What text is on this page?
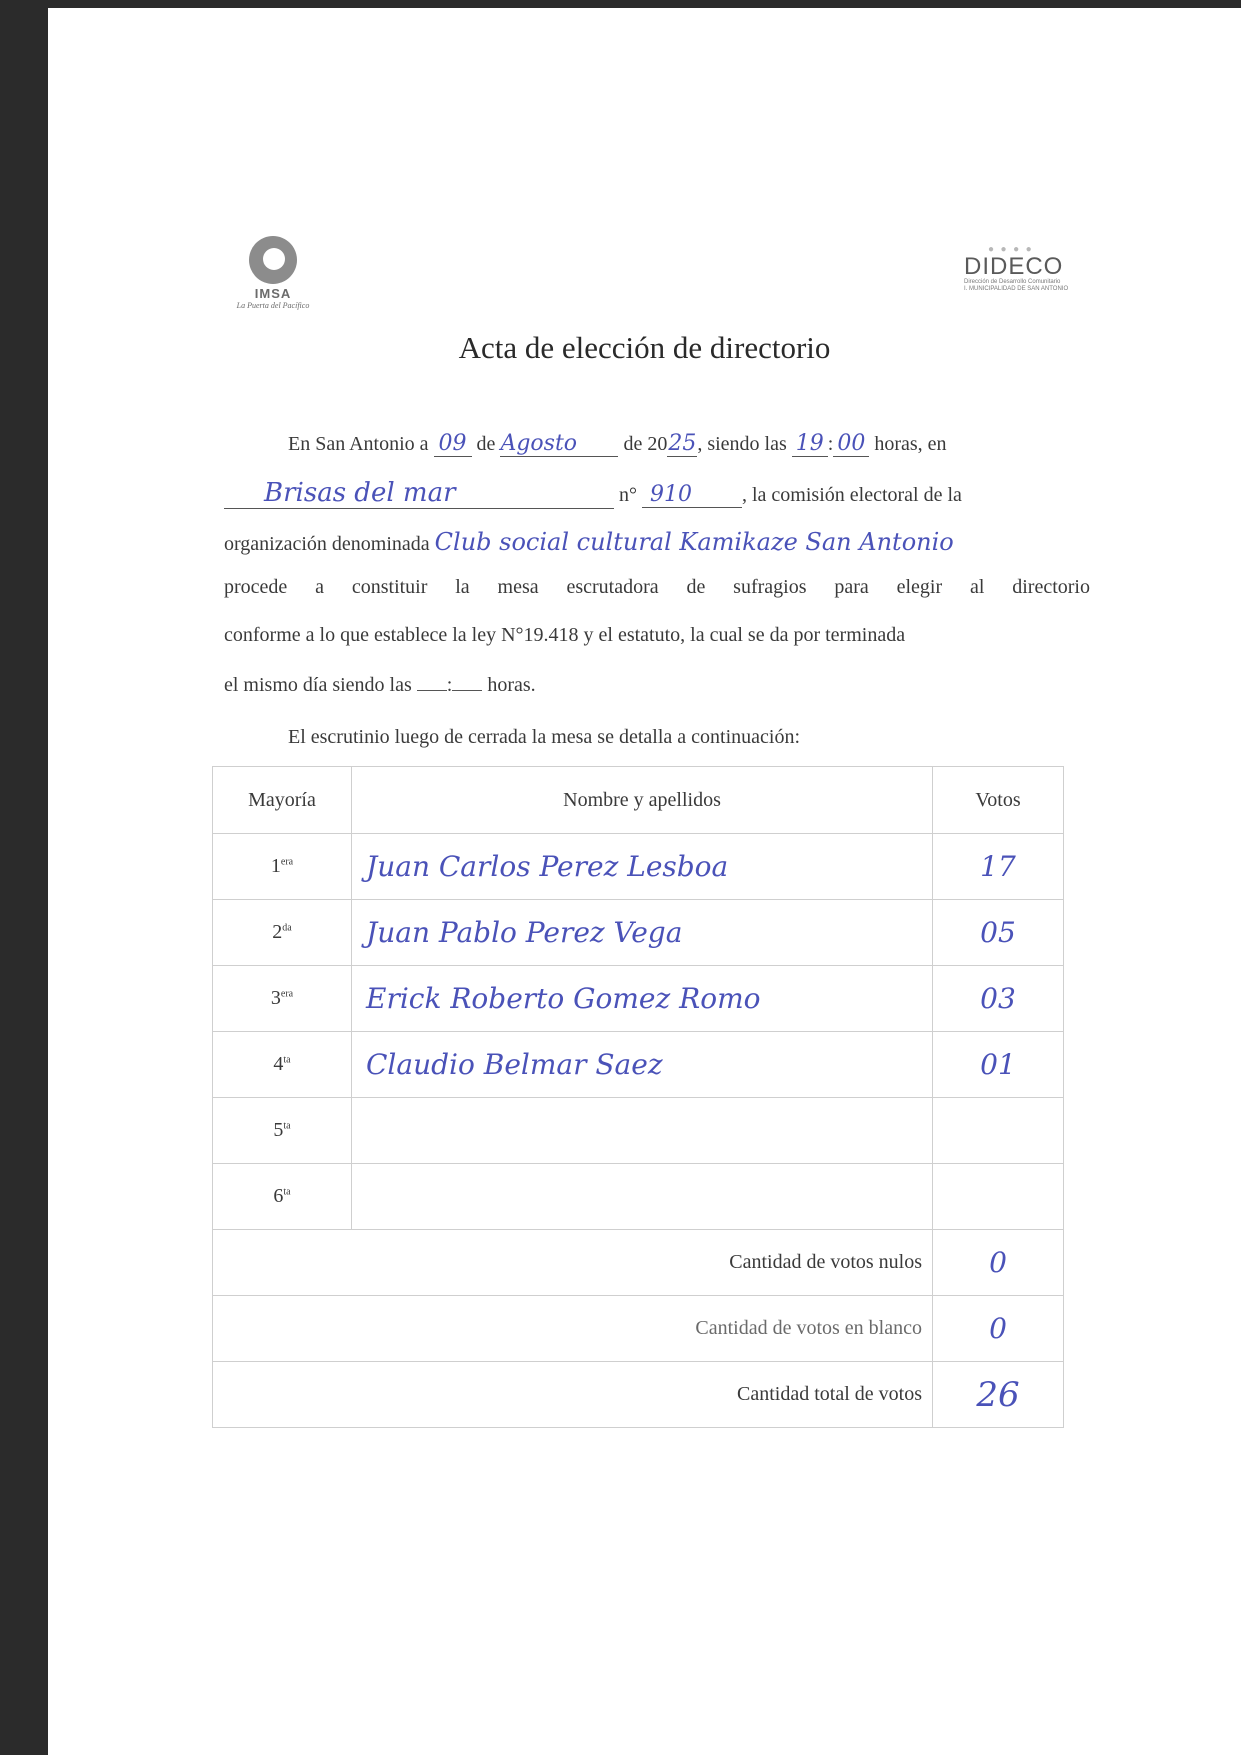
IMSA
La Puerta del Pacífico
● ● ● ●
DIDECO
Dirección de Desarrollo Comunitario
I. MUNICIPALIDAD DE SAN ANTONIO
Acta de elección de directorio
En San Antonio a 09 de Agosto de 2025, siendo las 19 : 00 horas, en
Brisas del mar	n° 910	, la comisión electoral de la
organización denominada Club social cultural Kamikaze San Antonio
procede a constituir la mesa escrutadora de sufragios para elegir al directorio
conforme a lo que establece la ley N°19.418 y el estatuto, la cual se da por terminada
el mismo día siendo las : horas.
El escrutinio luego de cerrada la mesa se detalla a continuación:
Mayoría	Nombre y apellidos	Votos
$1^{era}$	Juan Carlos Perez Lesboa	17
$2^{da}$	Juan Pablo Perez Vega	05
$3^{era}$	Erick Roberto Gomez Romo	03
$4^{ta}$	Claudio Belmar Saez	01
$5^{ta}$		
$6^{ta}$		
Cantidad de votos nulos		0
Cantidad de votos en blanco		0
Cantidad total de votos		26
